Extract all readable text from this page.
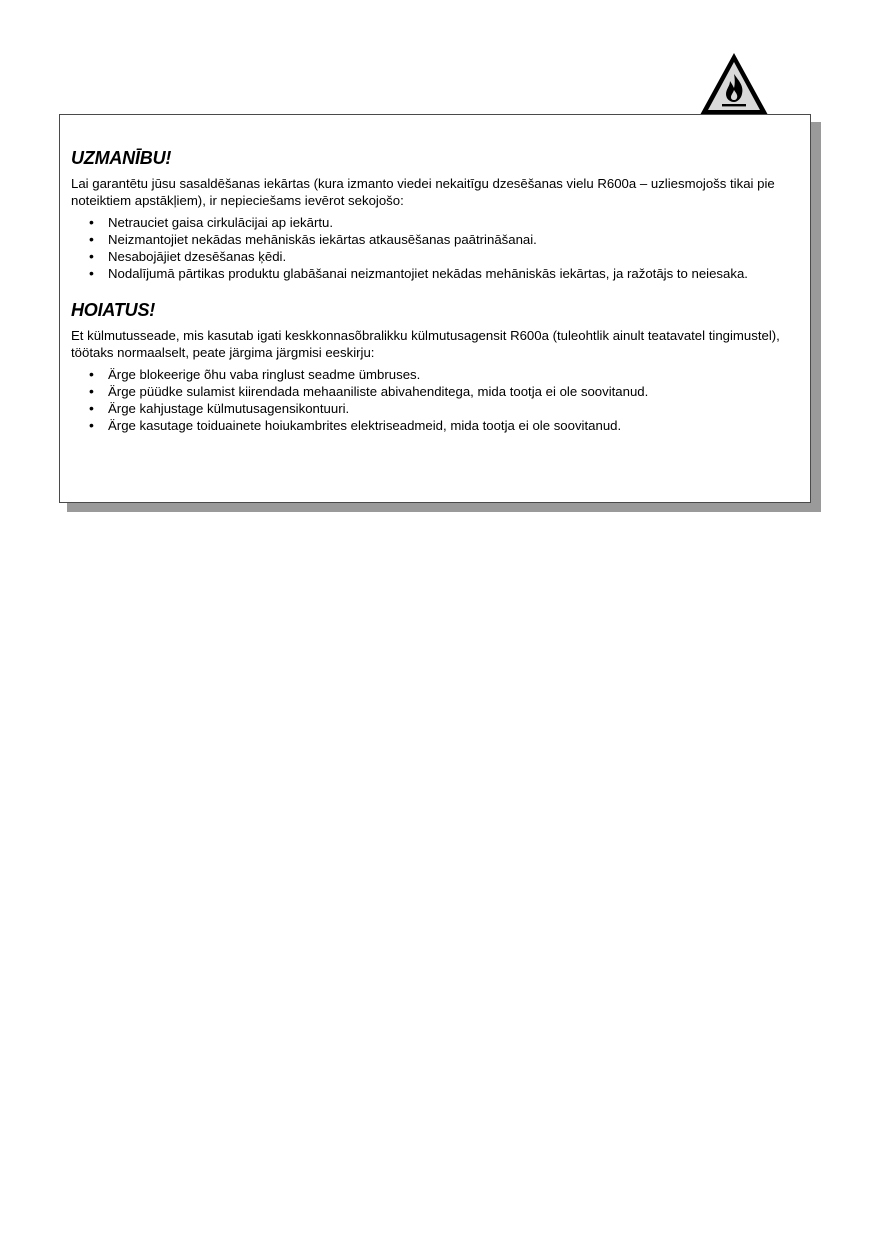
UZMANĪBU!

Lai garantētu jūsu sasaldēšanas iekārtas (kura izmanto viedei nekaitīgu dzesēšanas vielu R600a – uzliesmojošs tikai pie noteiktiem apstākļiem), ir nepieciešams ievērot sekojošo:

• Netrauciet gaisa cirkulācijai ap iekārtu.
• Neizmantojiet nekādas mehāniskās iekārtas atkausēšanas paātrināšanai.
• Nesabojājiet dzesēšanas ķēdi.
• Nodalījumā pārtikas produktu glabāšanai neizmantojiet nekādas mehāniskās iekārtas, ja ražotājs to neiesaka.
HOIATUS!

Et külmutusseade, mis kasutab igati keskkonnasõbralikku külmutusagensit R600a (tuleohtlik ainult teatavatel tingimustel), töötaks normaalselt, peate järgima järgmisi eeskirju:

• Ärge blokeerige õhu vaba ringlust seadme ümbruses.
• Ärge püüdke sulamist kiirendada mehaaniliste abivahenditega, mida tootja ei ole soovitanud.
• Ärge kahjustage külmutusagensikontuuri.
• Ärge kasutage toiduainete hoiukambrites elektriseadmeid, mida tootja ei ole soovitanud.
